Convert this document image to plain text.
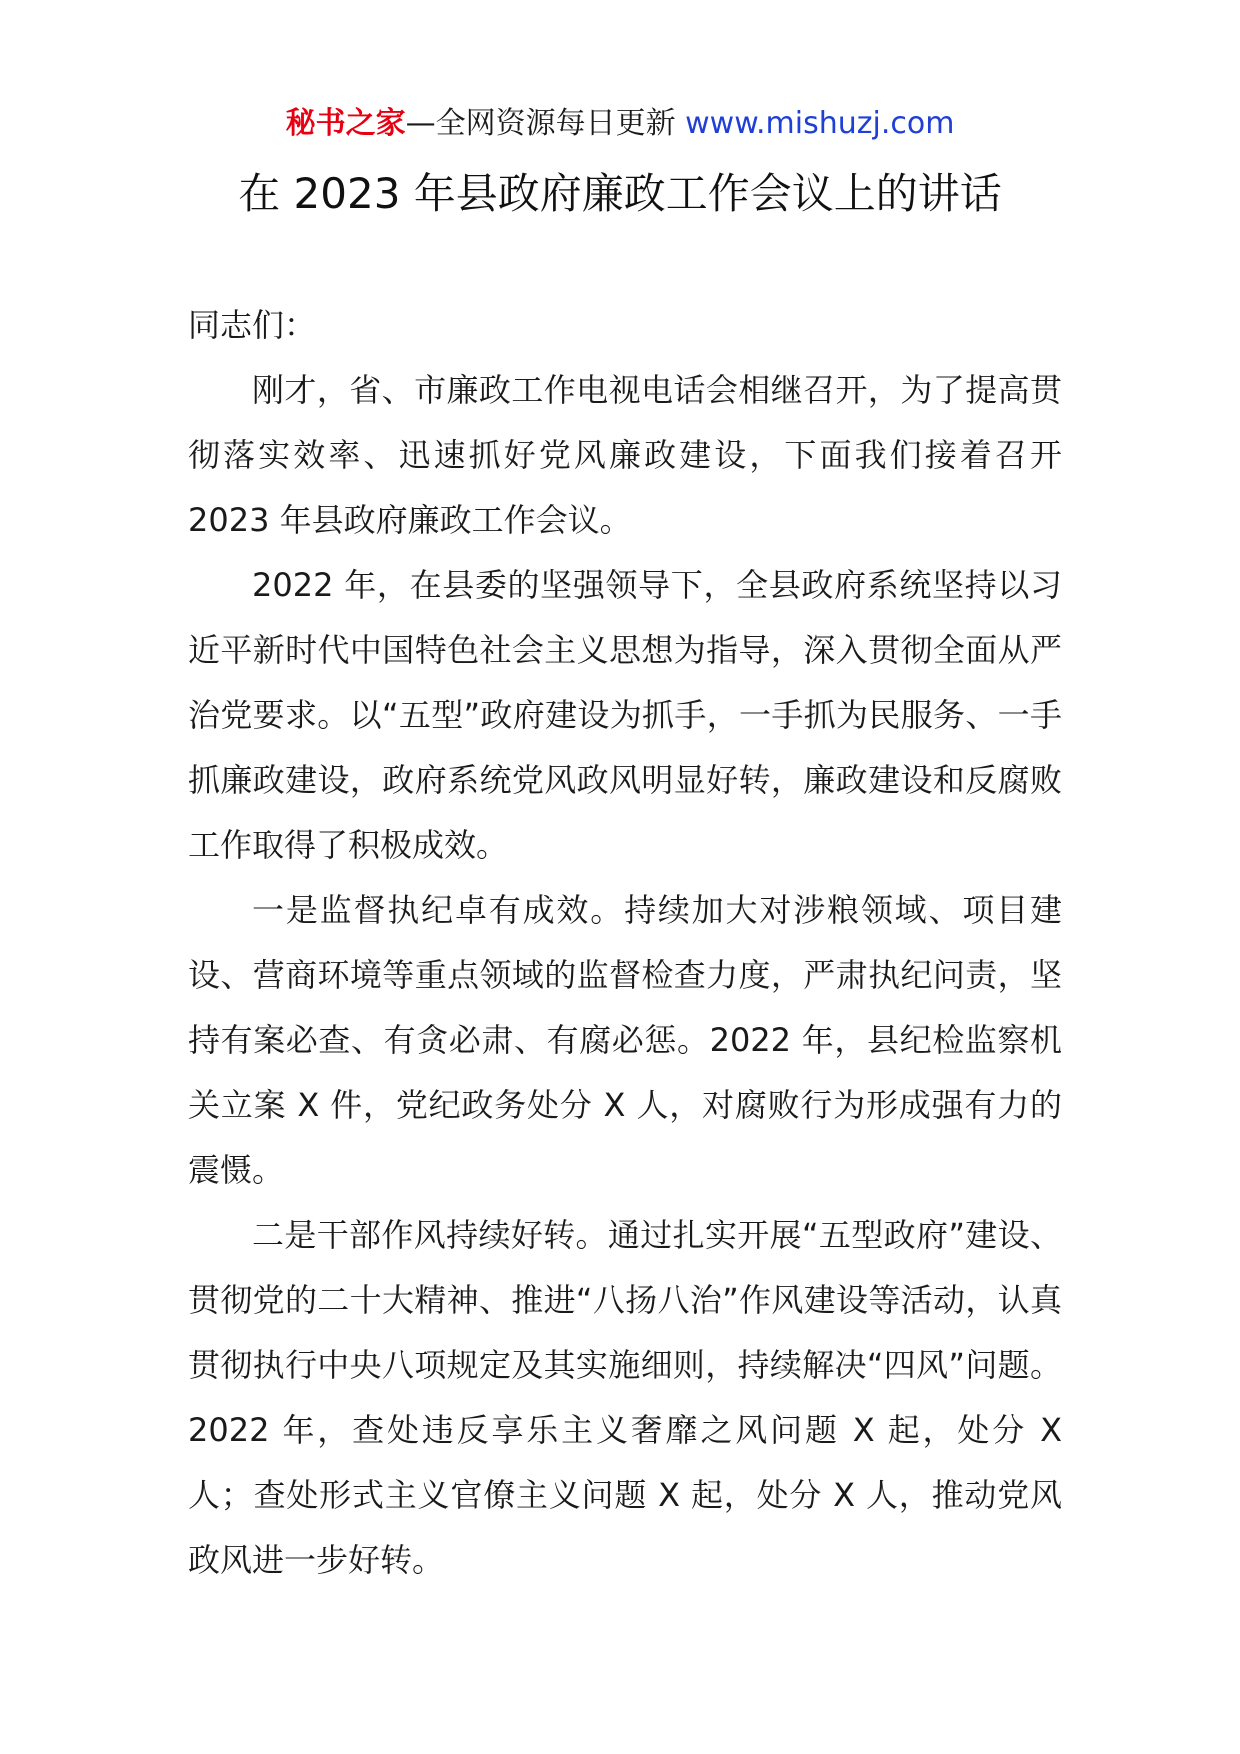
秘书之家—全网资源每日更新 www.mishuzj.com
在 2023 年县政府廉政工作会议上的讲话

同志们：

刚才，省、市廉政工作电视电话会相继召开，为了提高贯彻落实效率、迅速抓好党风廉政建设，下面我们接着召开 2023 年县政府廉政工作会议。

2022 年，在县委的坚强领导下，全县政府系统坚持以习近平新时代中国特色社会主义思想为指导，深入贯彻全面从严治党要求。以“五型”政府建设为抓手，一手抓为民服务、一手抓廉政建设，政府系统党风政风明显好转，廉政建设和反腐败工作取得了积极成效。

一是监督执纪卓有成效。持续加大对涉粮领域、项目建设、营商环境等重点领域的监督检查力度，严肃执纪问责，坚持有案必查、有贪必肃、有腐必惩。2022 年，县纪检监察机关立案 X 件，党纪政务处分 X 人，对腐败行为形成强有力的震慑。

二是干部作风持续好转。通过扎实开展“五型政府”建设、贯彻党的二十大精神、推进“八扬八治”作风建设等活动，认真贯彻执行中央八项规定及其实施细则，持续解决“四风”问题。2022 年，查处违反享乐主义奢靡之风问题 X 起，处分 X 人；查处形式主义官僚主义问题 X 起，处分 X 人，推动党风政风进一步好转。
